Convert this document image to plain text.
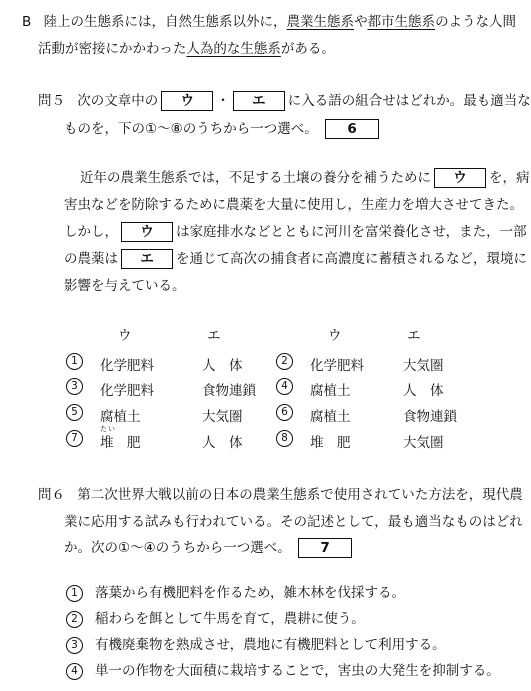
B 陸上の生態系には，自然生態系以外に，農業生態系や都市生態系のような人間
活動が密接にかかわった人為的な生態系がある。
問５ 次の文章中の ウ ・ エ に入る語の組合せはどれか。最も適当な
ものを，下の①～⑧のうちから一つ選べ。 6
近年の農業生態系では，不足する土壌の養分を補うために ウ を，病
害虫などを防除するために農薬を大量に使用し，生産力を増大させてきた。
しかし， ウ は家庭排水などとともに河川を富栄養化させ，また，一部
の農薬は エ を通じて高次の捕食者に高濃度に蓄積されるなど，環境に
影響を与えている。
ウ	エ	ウ	エ
1	化学肥料	人　体	2	化学肥料	大気圏
3	化学肥料	食物連鎖	4	腐植土	人　体
5	腐植土	大気圏	6	腐植土	食物連鎖
7	堆　肥	人　体	8	堆　肥	大気圏
たい
問６ 第二次世界大戦以前の日本の農業生態系で使用されていた方法を，現代農
業に応用する試みも行われている。その記述として，最も適当なものはどれ
か。次の①～④のうちから一つ選べ。 7
1 落葉から有機肥料を作るため，雑木林を伐採する。
2 稲わらを餌として牛馬を育て，農耕に使う。
3 有機廃棄物を熟成させ，農地に有機肥料として利用する。
4 単一の作物を大面積に栽培することで，害虫の大発生を抑制する。
